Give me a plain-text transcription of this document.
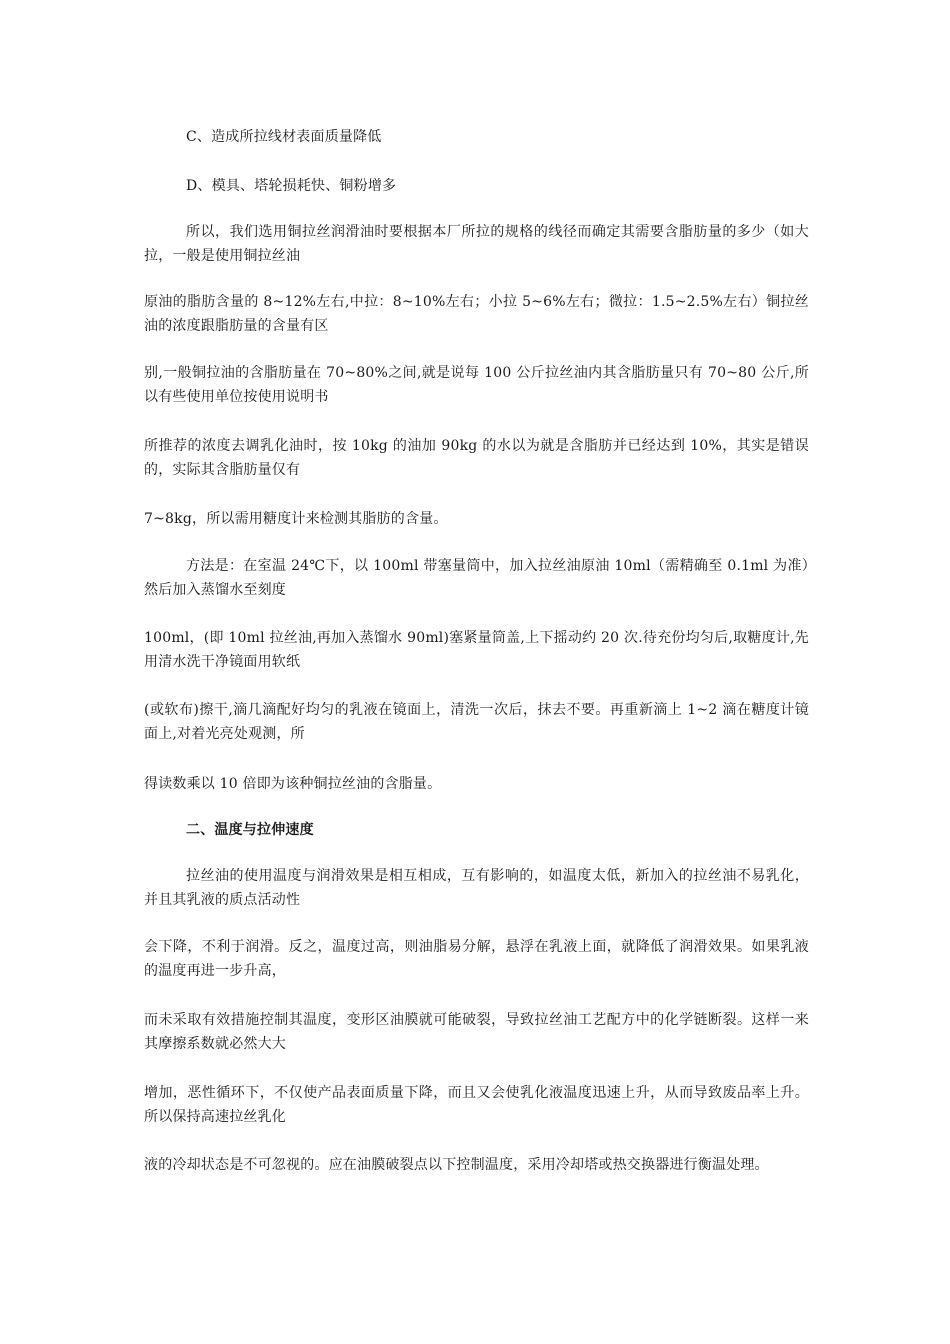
C、造成所拉线材表面质量降低

D、模具、塔轮损耗快、铜粉增多

所以，我们选用铜拉丝润滑油时要根据本厂所拉的规格的线径而确定其需要含脂肪量的多少（如大拉，一般是使用铜拉丝油

原油的脂肪含量的 8~12%左右,中拉：8~10%左右；小拉 5~6%左右；微拉：1.5~2.5%左右）铜拉丝油的浓度跟脂肪量的含量有区

别,一般铜拉油的含脂肪量在 70~80%之间,就是说每 100 公斤拉丝油内其含脂肪量只有 70~80 公斤,所以有些使用单位按使用说明书

所推荐的浓度去调乳化油时，按 10kg 的油加 90kg 的水以为就是含脂肪并已经达到 10%，其实是错误的，实际其含脂肪量仅有

7~8kg，所以需用糖度计来检测其脂肪的含量。

方法是：在室温 24℃下，以 100ml 带塞量筒中，加入拉丝油原油 10ml（需精确至 0.1ml 为准）然后加入蒸馏水至刻度

100ml，(即 10ml 拉丝油,再加入蒸馏水 90ml)塞紧量筒盖,上下摇动约 20 次.待充份均匀后,取糖度计,先用清水洗干净镜面用软纸

(或软布)擦干,滴几滴配好均匀的乳液在镜面上，清洗一次后，抹去不要。再重新滴上 1~2 滴在糖度计镜面上,对着光亮处观测，所

得读数乘以 10 倍即为该种铜拉丝油的含脂量。

二、温度与拉伸速度

拉丝油的使用温度与润滑效果是相互相成，互有影响的，如温度太低，新加入的拉丝油不易乳化，并且其乳液的质点活动性

会下降，不利于润滑。反之，温度过高，则油脂易分解，悬浮在乳液上面，就降低了润滑效果。如果乳液的温度再进一步升高，

而未采取有效措施控制其温度，变形区油膜就可能破裂，导致拉丝油工艺配方中的化学链断裂。这样一来其摩擦系数就必然大大

增加，恶性循环下，不仅使产品表面质量下降，而且又会使乳化液温度迅速上升，从而导致废品率上升。所以保持高速拉丝乳化

液的冷却状态是不可忽视的。应在油膜破裂点以下控制温度，采用冷却塔或热交换器进行衡温处理。
